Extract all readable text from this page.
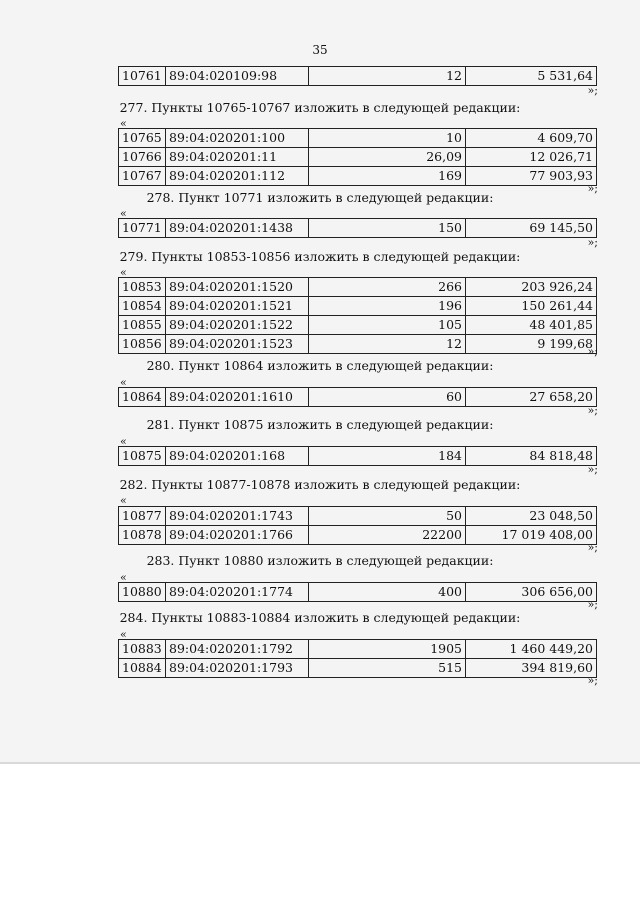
35
10761	89:04:020109:98	12	5 531,64
»;
277. Пункты 10765-10767 изложить в следующей редакции:
«
10765	89:04:020201:100	10	4 609,70
10766	89:04:020201:11	26,09	12 026,71
10767	89:04:020201:112	169	77 903,93
»;
278. Пункт 10771 изложить в следующей редакции:
«
10771	89:04:020201:1438	150	69 145,50
»;
279. Пункты 10853-10856 изложить в следующей редакции:
«
10853	89:04:020201:1520	266	203 926,24
10854	89:04:020201:1521	196	150 261,44
10855	89:04:020201:1522	105	48 401,85
10856	89:04:020201:1523	12	9 199,68
»;
280. Пункт 10864 изложить в следующей редакции:
«
10864	89:04:020201:1610	60	27 658,20
»;
281. Пункт 10875 изложить в следующей редакции:
«
10875	89:04:020201:168	184	84 818,48
»;
282. Пункты 10877-10878 изложить в следующей редакции:
«
10877	89:04:020201:1743	50	23 048,50
10878	89:04:020201:1766	22200	17 019 408,00
»;
283. Пункт 10880 изложить в следующей редакции:
«
10880	89:04:020201:1774	400	306 656,00
»;
284. Пункты 10883-10884 изложить в следующей редакции:
«
10883	89:04:020201:1792	1905	1 460 449,20
10884	89:04:020201:1793	515	394 819,60
»;
